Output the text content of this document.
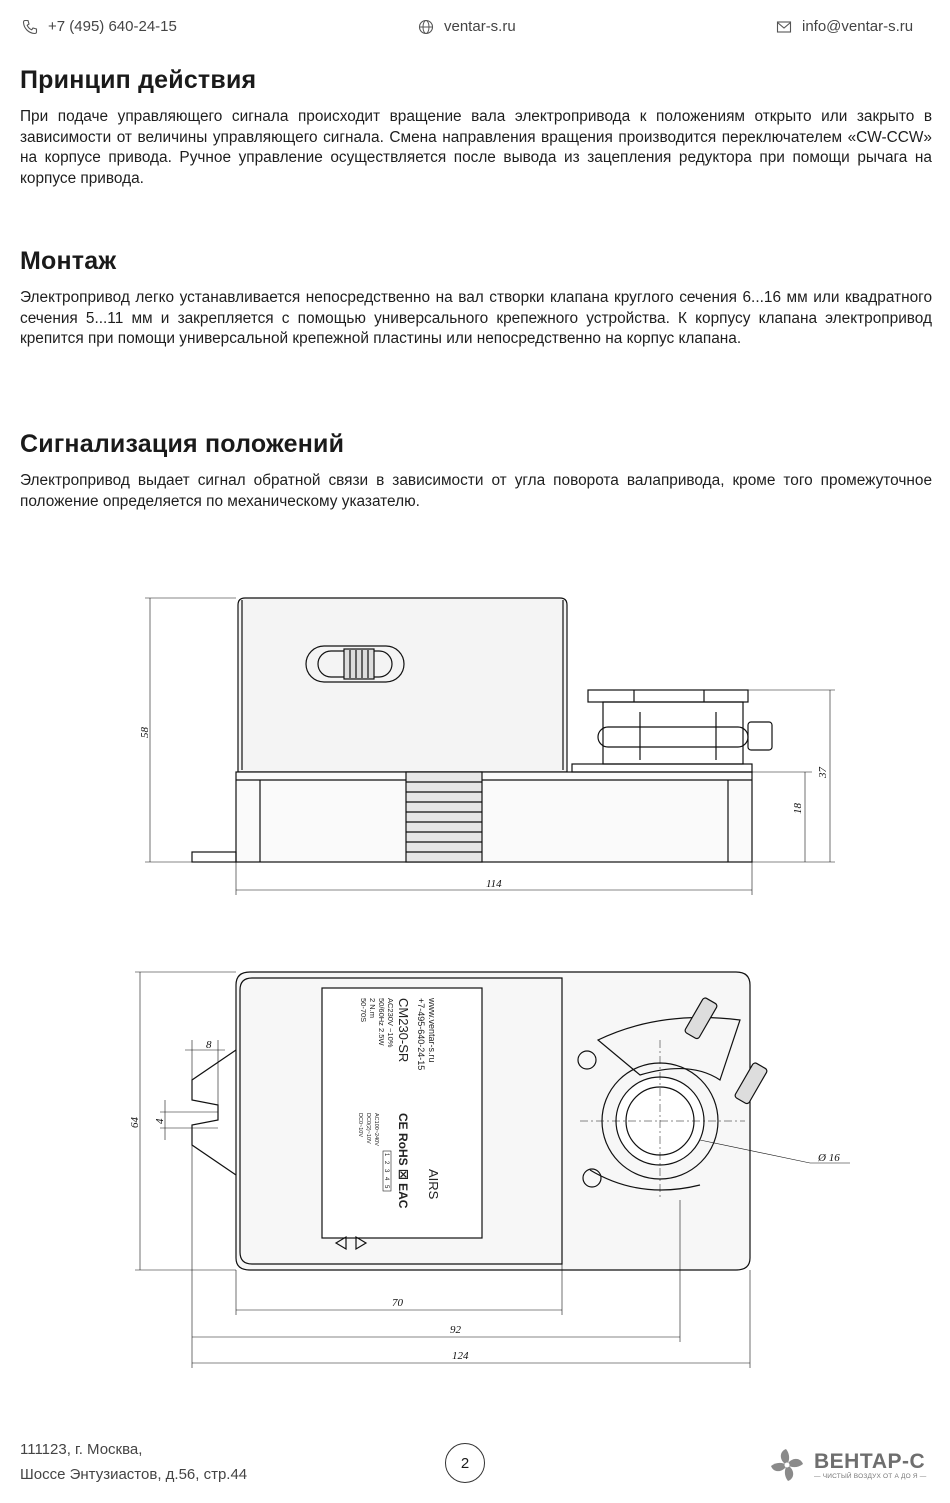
+7 (495) 640-24-15	ventar-s.ru	info@ventar-s.ru
Принцип действия

При подаче управляющего сигнала происходит вращение вала электропривода к положениям открыто или закрыто в зависимости от величины управляющего сигнала. Смена направления вращения производится переключателем «CW-CCW» на корпусе привода. Ручное управление осуществляется после вывода из зацепления редуктора при помощи рычага на корпусе привода.

Монтаж

Электропривод легко устанавливается непосредственно на вал створки клапана круглого сечения 6...16 мм или квадратного сечения 5...11 мм и закрепляется с помощью универсального крепежного устройства. К корпусу клапана электропривод крепится при помощи универсальной крепежной пластины или непосредственно на корпус клапана.

Сигнализация положений

Электропривод выдает сигнал обратной связи в зависимости от угла поворота валапривода, кроме того промежуточное положение определяется по механическому указателю.

58
114
18
37
64
8
4
70
92
124
Ø 16
www.ventar-s.ru
+7-495-640-24-15
CM230-SR
AC230V ~10%
50/60Hz 2.5W
2 N.m
50-70S
CE RoHS ☒ EAC AIRS
AC100~240V
DC0(2)~10V
DC0~10V
1
2
3
4
5
111123, г. Москва,
Шоссе Энтузиастов, д.56, стр.44
2	ВЕНТАР-С
— ЧИСТЫЙ ВОЗДУХ ОТ А ДО Я —
